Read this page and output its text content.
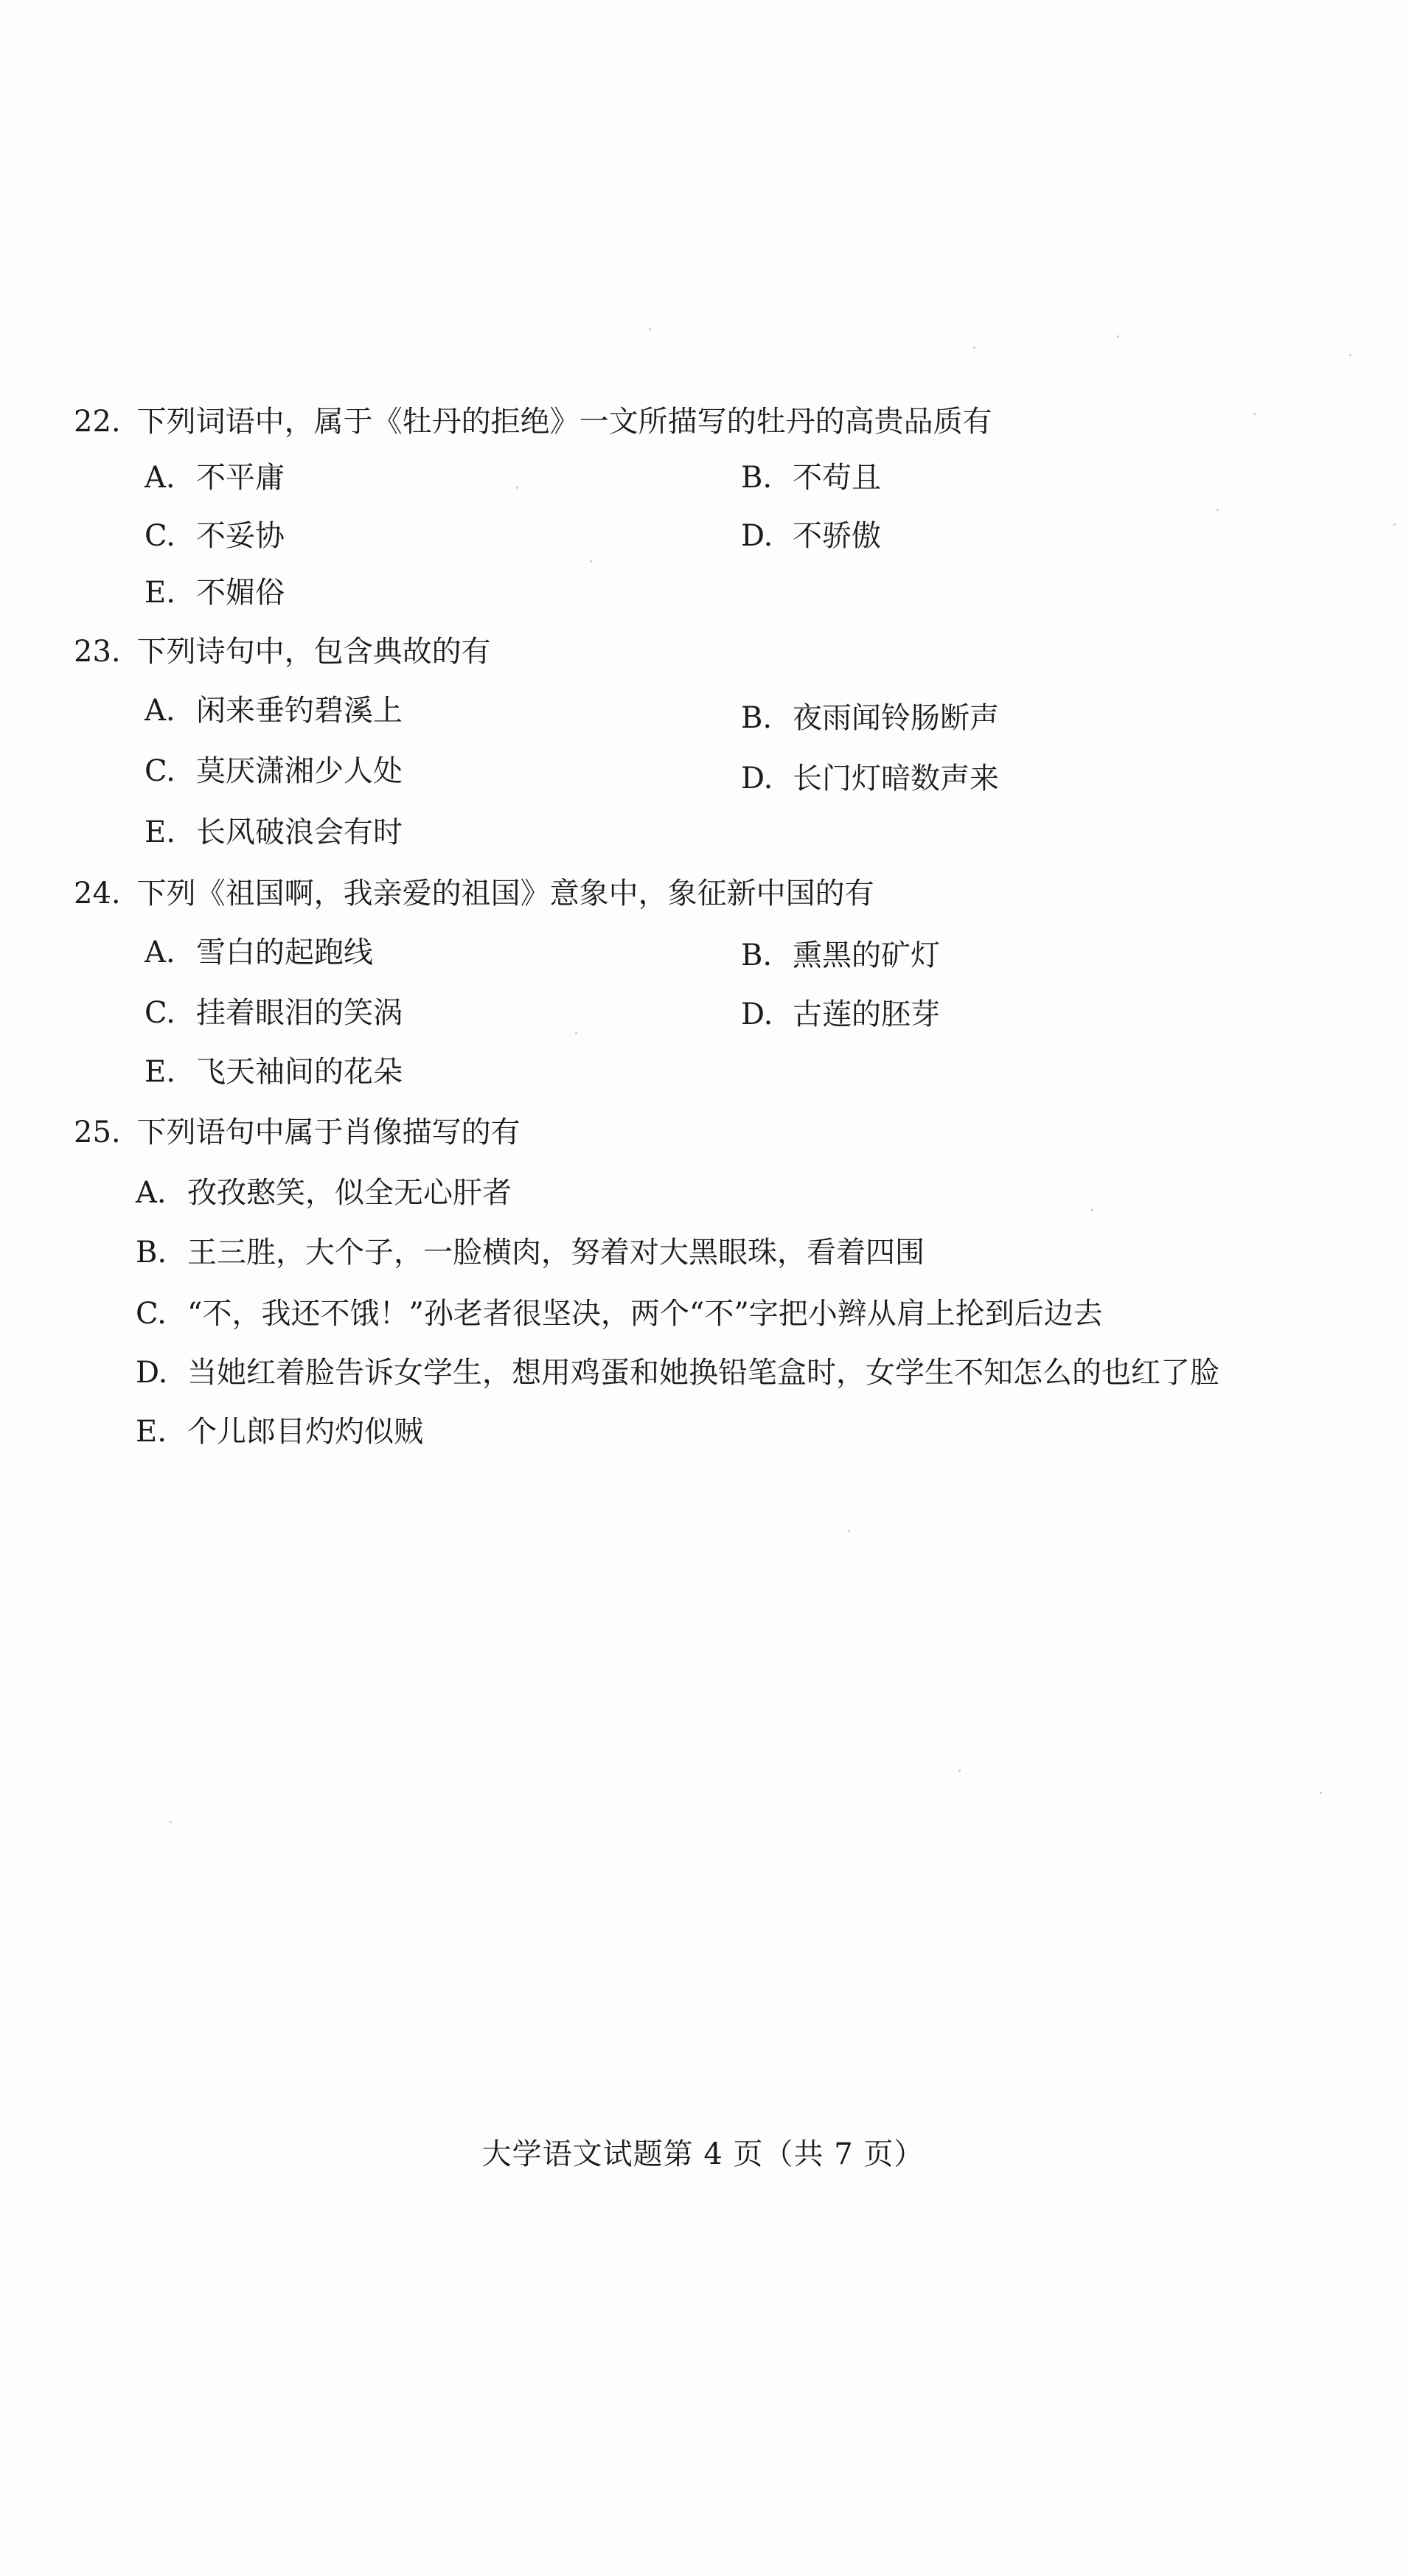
22. 下列词语中，属于《牡丹的拒绝》一文所描写的牡丹的高贵品质有
A. 不平庸	B. 不苟且
C. 不妥协	D. 不骄傲
E. 不媚俗
23. 下列诗句中，包含典故的有
A. 闲来垂钓碧溪上	B. 夜雨闻铃肠断声
C. 莫厌潇湘少人处	D. 长门灯暗数声来
E. 长风破浪会有时
24. 下列《祖国啊，我亲爱的祖国》意象中，象征新中国的有
A. 雪白的起跑线	B. 熏黑的矿灯
C. 挂着眼泪的笑涡	D. 古莲的胚芽
E. 飞天袖间的花朵
25. 下列语句中属于肖像描写的有
A. 孜孜憨笑，似全无心肝者
B. 王三胜，大个子，一脸横肉，努着对大黑眼珠，看着四围
C. “不，我还不饿！”孙老者很坚决，两个“不”字把小辫从肩上抡到后边去
D. 当她红着脸告诉女学生，想用鸡蛋和她换铅笔盒时，女学生不知怎么的也红了脸
E. 个儿郎目灼灼似贼
大学语文试题第 4 页（共 7 页）
